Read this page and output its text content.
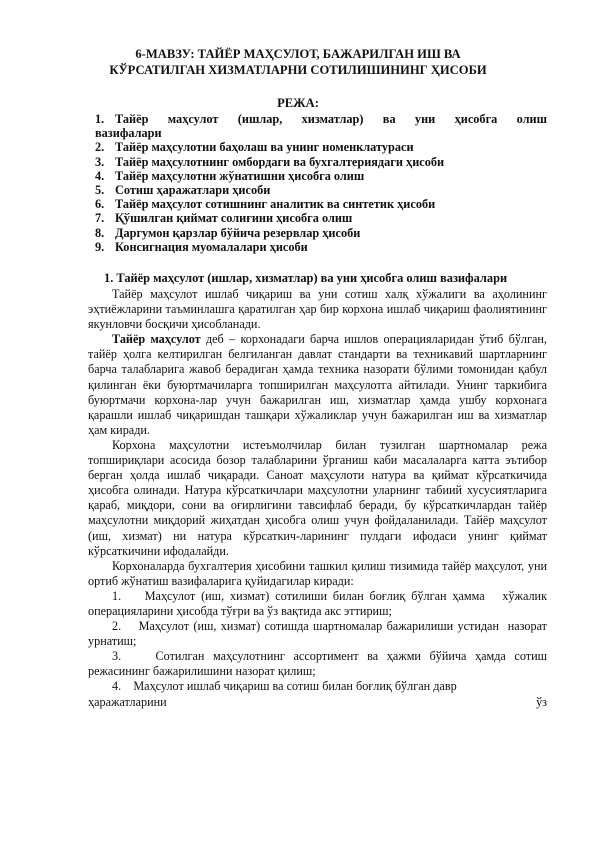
6-МАВЗУ: ТАЙЁР МАҲСУЛОТ, БАЖАРИЛГАН ИШ ВА
КЎРСАТИЛГАН ХИЗМАТЛАРНИ СОТИЛИШИНИНГ ҲИСОБИ
РЕЖА:
1. Тайёр маҳсулот (ишлар, хизматлар) ва уни ҳисобга олиш
вазифалари
2. Тайёр маҳсулотни баҳолаш ва унинг номенклатураси
3. Тайёр маҳсулотнинг омбордаги ва бухгалтериядаги ҳисоби
4. Тайёр маҳсулотни жўнатишни ҳисобга олиш
5. Сотиш ҳаражатлари ҳисоби
6. Тайёр маҳсулот сотишнинг аналитик ва синтетик ҳисоби
7. Қўшилган қиймат солиғини ҳисобга олиш
8. Даргумон қарзлар бўйича резервлар ҳисоби
9. Консигнация муомалалари ҳисоби
1. Тайёр маҳсулот (ишлар, хизматлар) ва уни ҳисобга олиш вазифалари

Тайёр маҳсулот ишлаб чиқариш ва уни сотиш халқ хўжалиги ва аҳолининг эҳтиёжларини таъминлашга қаратилган ҳар бир корхона ишлаб чиқариш фаолиятининг якунловчи босқичи ҳисобланади.

Тайёр маҳсулот деб – корхонадаги барча ишлов операцияларидан ўтиб бўлган, тайёр ҳолга келтирилган белгиланган давлат стандарти ва техникавий шартларнинг барча талабларига жавоб берадиган ҳамда техника назорати бўлими томонидан қабул қилинган ёки буюртмачиларга топширилган маҳсулотга айтилади. Унинг таркибига буюртмачи корхона-лар учун бажарилган иш, хизматлар ҳамда ушбу корхонага қарашли ишлаб чиқаришдан ташқари хўжаликлар учун бажарилган иш ва хизматлар ҳам киради.

Корхона маҳсулотни истеъмолчилар билан тузилган шартномалар режа топшириқлари асосида бозор талабларини ўрганиш каби масалаларга катта эътибор берган ҳолда ишлаб чиқаради. Саноат маҳсулоти натура ва қиймат кўрсаткичида ҳисобга олинади. Натура кўрсаткичлари маҳсулотни уларнинг табиий хусусиятларига қараб, миқдори, сони ва оғирлигини тавсифлаб беради, бу кўрсаткичлардан тайёр маҳсулотни миқдорий жиҳатдан ҳисобга олиш учун фойдаланилади. Тайёр маҳсулот (иш, хизмат) ни натура кўрсаткич-ларининг пулдаги ифодаси унинг қиймат кўрсаткичини ифодалайди.

Корхоналарда бухгалтерия ҳисобини ташкил қилиш тизимида тайёр маҳсулот, уни ортиб жўнатиш вазифаларига қуйидагилар киради:

1.    Маҳсулот (иш, хизмат) сотилиши билан боғлиқ бўлган ҳамма   хўжалик операцияларини ҳисобда тўғри ва ўз вақтида акс эттириш;

2.    Маҳсулот (иш, хизмат) сотишда шартномалар бажарилиши устидан  назорат урнатиш;

3.    Сотилган маҳсулотнинг ассортимент ва ҳажми бўйича ҳамда сотиш режасининг бажарилишини назорат қилиш;

4.    Маҳсулот ишлаб чиқариш ва сотиш билан боғлиқ бўлган давр

ҳаражатларини	ўз
